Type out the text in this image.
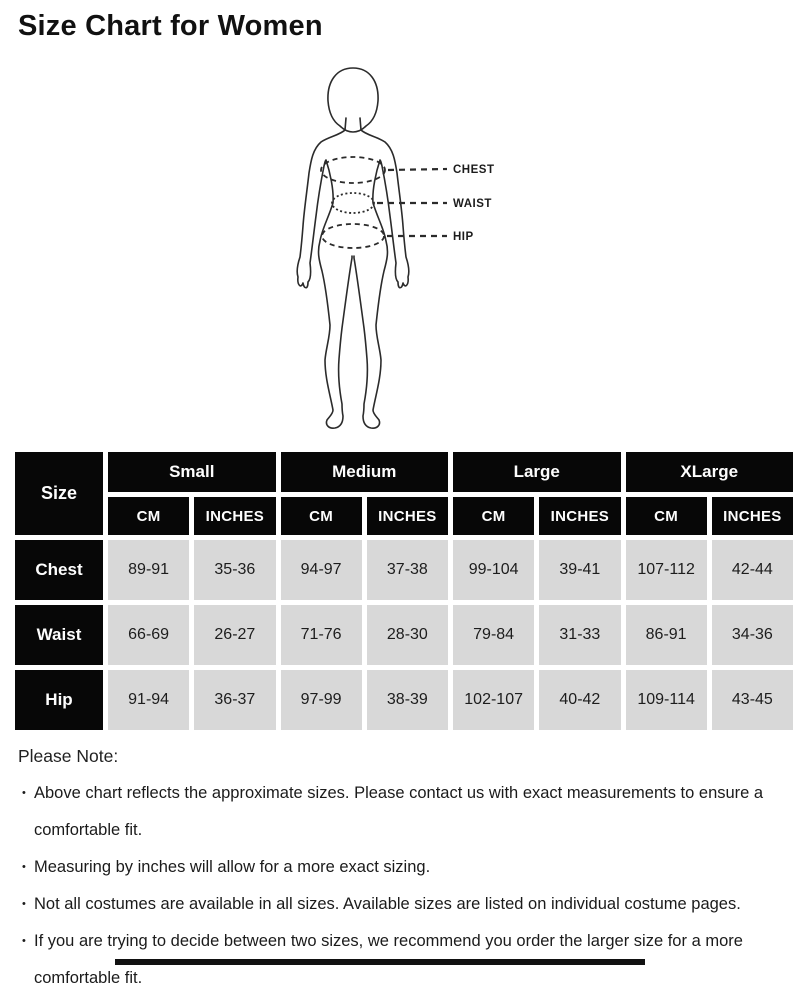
Size Chart for Women
CHEST
WAIST
HIP
Size
Small	Medium	Large	XLarge
CM	INCHES	CM	INCHES	CM	INCHES	CM	INCHES
Chest	89-91	35-36	94-97	37-38	99-104	39-41	107-112	42-44
Waist	66-69	26-27	71-76	28-30	79-84	31-33	86-91	34-36
Hip	91-94	36-37	97-99	38-39	102-107	40-42	109-114	43-45

Please Note:

• Above chart reflects the approximate sizes. Please contact us with exact measurements to ensure a comfortable fit.
• Measuring by inches will allow for a more exact sizing.
• Not all costumes are available in all sizes. Available sizes are listed on individual costume pages.
• If you are trying to decide between two sizes, we recommend you order the larger size for a more comfortable fit.
